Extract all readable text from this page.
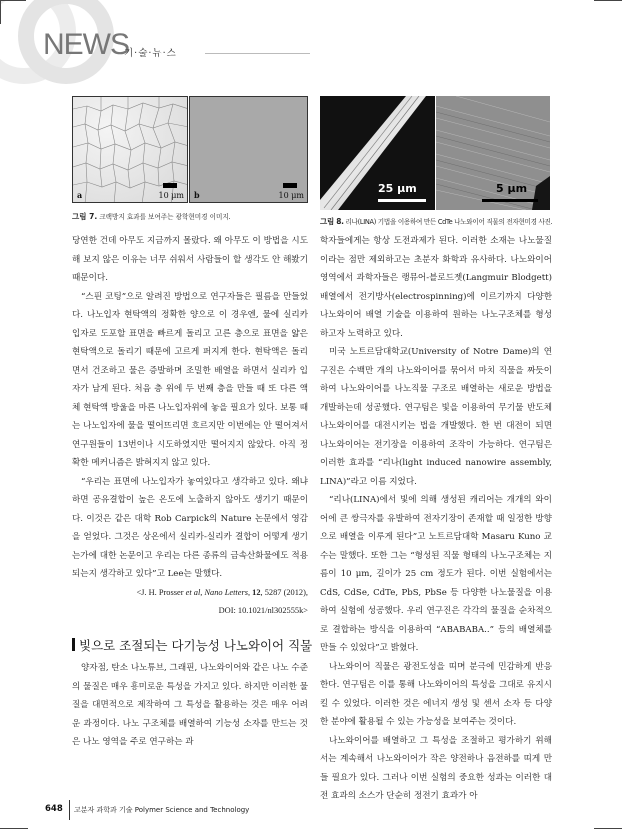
NEWS
기·술·뉴·스
a	10 μm b	10 μm
그림 7. 크랙방지 효과를 보여주는 광학현미경 이미지.
25 μm	5 μm
그림 8. 리나(LINA) 기법을 이용하여 만든 CdTe 나노와이어 직물의 전자현미경 사진.

당연한 건데 아무도 지금까지 몰랐다. 왜 아무도 이 방법을 시도해 보지 않은 이유는 너무 쉬워서 사람들이 할 생각도 안 해봤기 때문이다.

“스핀 코팅”으로 알려진 방법으로 연구자들은 필름을 만들었다. 나노입자 현탁액의 정확한 양으로 이 경우엔, 물에 실리카 입자로 도포할 표면을 빠르게 돌리고 고른 층으로 표면을 얇은 현탁액으로 돌리기 때문에 고르게 퍼지게 한다. 현탁액은 돌리면서 건조하고 물은 증발하며 조밀한 배열을 하면서 실리카 입자가 남게 된다. 처음 층 위에 두 번째 층을 만들 때 또 다른 액체 현탁액 방울을 마른 나노입자위에 놓을 필요가 있다. 보통 때는 나노입자에 물을 떨어뜨리면 흐르지만 이번에는 안 떨어져서 연구원들이 13번이나 시도하였지만 떨어지지 않았다. 아직 정확한 메커니즘은 밝혀지지 않고 있다.

“우리는 표면에 나노입자가 놓여있다고 생각하고 있다. 왜냐하면 공유결합이 높은 온도에 노출하지 않아도 생기기 때문이다. 이것은 같은 대학 Rob Carpick의 Nature 논문에서 영감을 얻었다. 그것은 상온에서 실리카-실리카 결합이 어떻게 생기는가에 대한 논문이고 우리는 다른 종류의 금속산화물에도 적용되는지 생각하고 있다”고 Lee는 말했다.

<J. H. Prosser et al, Nano Letters, 12, 5287 (2012),

DOI: 10.1021/nl302555k>

빛으로 조절되는 다기능성 나노와이어 직물

양자점, 탄소 나노튜브, 그래핀, 나노와이어와 같은 나노 수준의 물질은 매우 흥미로운 특성을 가지고 있다. 하지만 이러한 물질을 대면적으로 제작하여 그 특성을 활용하는 것은 매우 어려운 과정이다. 나노 구조체를 배열하여 기능성 소자를 만드는 것은 나노 영역을 주로 연구하는 과

학자들에게는 항상 도전과제가 된다. 이러한 소재는 나노물질이라는 점만 제외하고는 초분자 화학과 유사하다. 나노와이어 영역에서 과학자들은 랭뮤어-블로드젯(Langmuir Blodgett) 배열에서 전기방사(electrospinning)에 이르기까지 다양한 나노와이어 배열 기술을 이용하여 원하는 나노구조체를 형성하고자 노력하고 있다.

미국 노트르담대학교(University of Notre Dame)의 연구진은 수백만 개의 나노와이어를 묶어서 마치 직물을 짜듯이 하여 나노와이어를 나노직물 구조로 배열하는 새로운 방법을 개발하는데 성공했다. 연구팀은 빛을 이용하여 무기물 반도체 나노와이어를 대전시키는 법을 개발했다. 한 번 대전이 되면 나노와이어는 전기장을 이용하여 조작이 가능하다. 연구팀은 이러한 효과를 “리나(light induced nanowire assembly, LINA)”라고 이름 지었다.

“리나(LINA)에서 빛에 의해 생성된 캐리어는 개개의 와이어에 큰 쌍극자를 유발하여 전자기장이 존재할 때 일정한 방향으로 배열을 이루게 된다”고 노트르담대학 Masaru Kuno 교수는 말했다. 또한 그는 “형성된 직물 형태의 나노구조체는 지름이 10 μm, 길이가 25 cm 정도가 된다. 이번 실험에서는 CdS, CdSe, CdTe, PbS, PbSe 등 다양한 나노물질을 이용하여 실험에 성공했다. 우리 연구진은 각각의 물질을 순차적으로 결합하는 방식을 이용하여 “ABABABA..” 등의 배열체를 만들 수 있었다”고 밝혔다.

나노와이어 직물은 광전도성을 띠며 분극에 민감하게 반응한다. 연구팀은 이를 통해 나노와이어의 특성을 그대로 유지시킬 수 있었다. 이러한 것은 에너지 생성 및 센서 소자 등 다양한 분야에 활용될 수 있는 가능성을 보여주는 것이다.

나노와이어를 배열하고 그 특성을 조절하고 평가하기 위해서는 계속해서 나노와이어가 작은 양전하나 음전하를 띠게 만들 필요가 있다. 그러나 이번 실험의 중요한 성과는 이러한 대전 효과의 소스가 단순히 정전기 효과가 아

648 고분자 과학과 기술 Polymer Science and Technology
